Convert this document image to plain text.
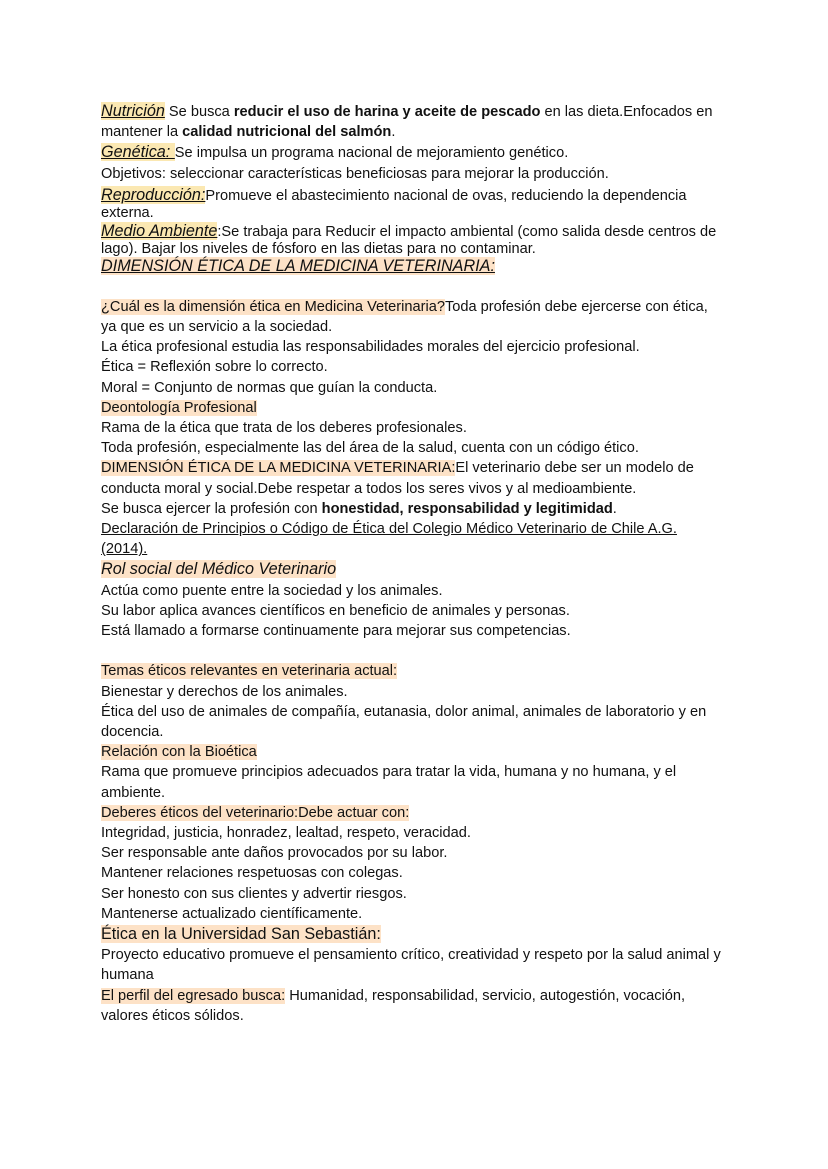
Nutrición Se busca reducir el uso de harina y aceite de pescado en las dieta.Enfocados en mantener la calidad nutricional del salmón.

Genética: Se impulsa un programa nacional de mejoramiento genético.

Objetivos: seleccionar características beneficiosas para mejorar la producción.

Reproducción:Promueve el abastecimiento nacional de ovas, reduciendo la dependencia externa.

Medio Ambiente:Se trabaja para Reducir el impacto ambiental (como salida desde centros de lago). Bajar los niveles de fósforo en las dietas para no contaminar.

DIMENSIÓN ÉTICA DE LA MEDICINA VETERINARIA:

¿Cuál es la dimensión ética en Medicina Veterinaria?Toda profesión debe ejercerse con ética, ya que es un servicio a la sociedad.

La ética profesional estudia las responsabilidades morales del ejercicio profesional.

Ética = Reflexión sobre lo correcto.

Moral = Conjunto de normas que guían la conducta.

Deontología Profesional

Rama de la ética que trata de los deberes profesionales.

Toda profesión, especialmente las del área de la salud, cuenta con un código ético.

DIMENSIÓN ÉTICA DE LA MEDICINA VETERINARIA:El veterinario debe ser un modelo de conducta moral y social.Debe respetar a todos los seres vivos y al medioambiente.

Se busca ejercer la profesión con honestidad, responsabilidad y legitimidad.

Declaración de Principios o Código de Ética del Colegio Médico Veterinario de Chile A.G. (2014).

Rol social del Médico Veterinario

Actúa como puente entre la sociedad y los animales.

Su labor aplica avances científicos en beneficio de animales y personas.

Está llamado a formarse continuamente para mejorar sus competencias.

Temas éticos relevantes en veterinaria actual:

Bienestar y derechos de los animales.

Ética del uso de animales de compañía, eutanasia, dolor animal, animales de laboratorio y en docencia.

Relación con la Bioética

Rama que promueve principios adecuados para tratar la vida, humana y no humana, y el ambiente.

Deberes éticos del veterinario:Debe actuar con:

Integridad, justicia, honradez, lealtad, respeto, veracidad.

Ser responsable ante daños provocados por su labor.

Mantener relaciones respetuosas con colegas.

Ser honesto con sus clientes y advertir riesgos.

Mantenerse actualizado científicamente.

Ética en la Universidad San Sebastián:

Proyecto educativo promueve el pensamiento crítico, creatividad y respeto por la salud animal y humana

El perfil del egresado busca: Humanidad, responsabilidad, servicio, autogestión, vocación, valores éticos sólidos.
